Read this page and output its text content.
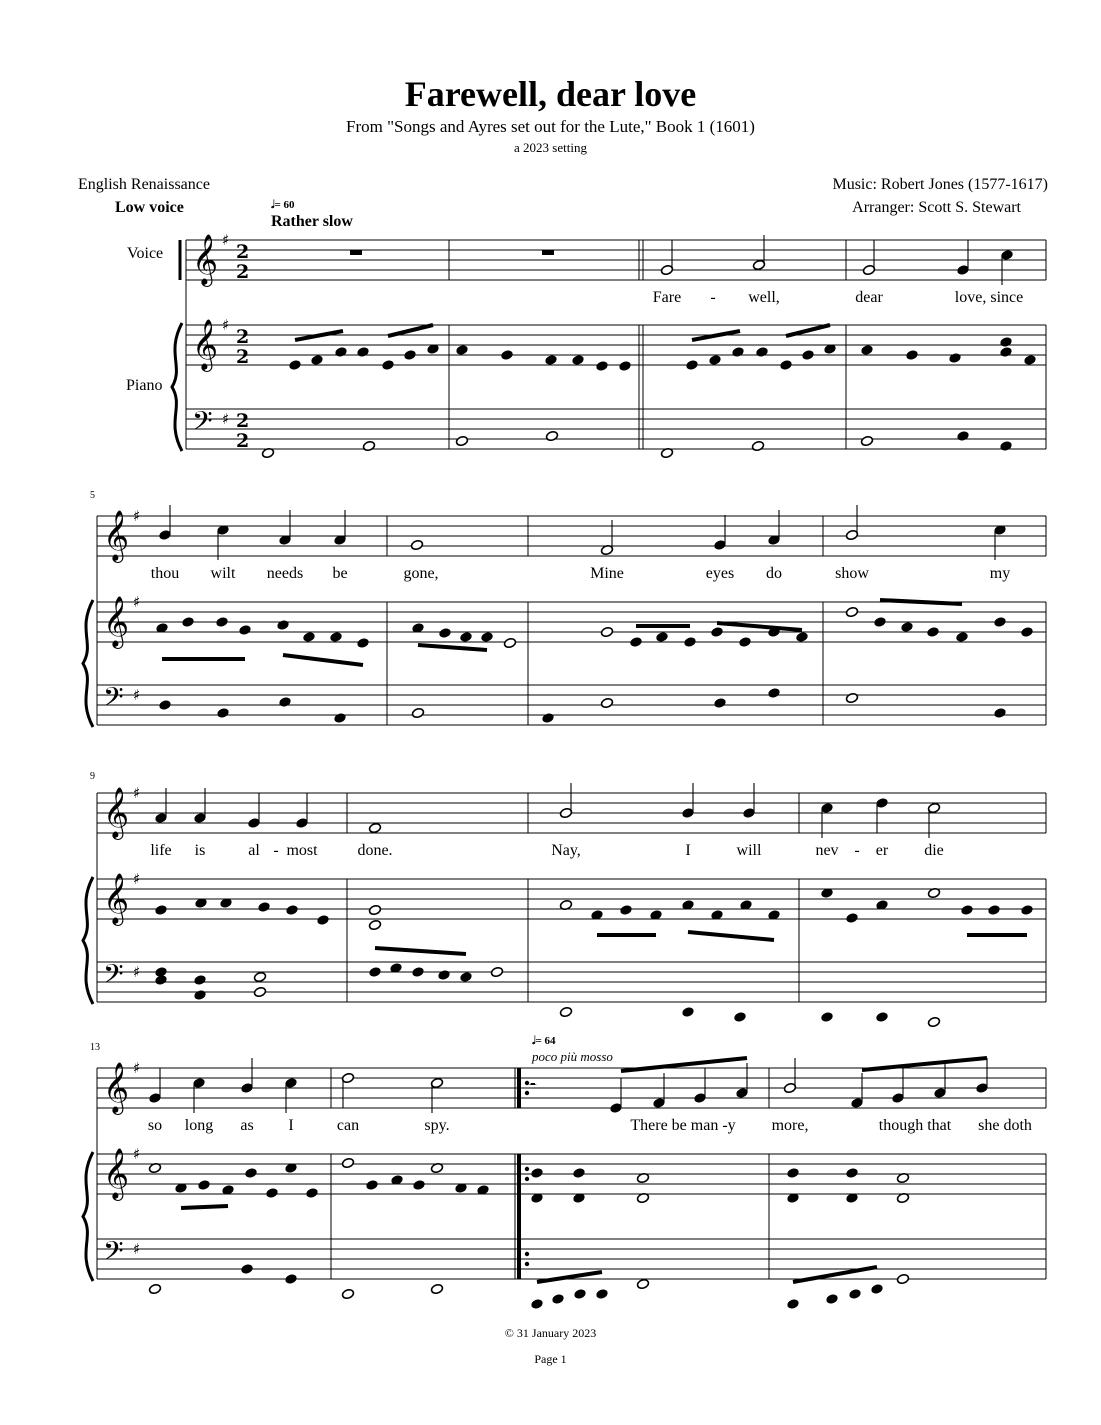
Farewell, dear love
From "Songs and Ayres set out for the Lute," Book 1 (1601)
a 2023 setting
English Renaissance
Low voice
Music: Robert Jones (1577-1617)
Arranger: Scott S. Stewart
𝅗𝅥= 60
Rather slow
Voice
Piano
𝅗𝅥= 64
poco più mosso
5
9
13
Fare - well,	dear	love, since
thou wilt needs be	gone,	Mine	eyes do	show	my
life is	al - most done.	Nay,	I	will	nev - er die
so long as I	can	spy.	There be man -y more,	though that she doth
© 31 January 2023
Page 1
𝄞
𝄞
𝄢
♯
♯
♯
2
2
2
2
2
2
𝄞
𝄞
𝄢
♯
♯
♯
𝄞
𝄞
𝄢
♯
♯
♯
𝄞
𝄞
𝄢
♯
♯
♯
𝄼
